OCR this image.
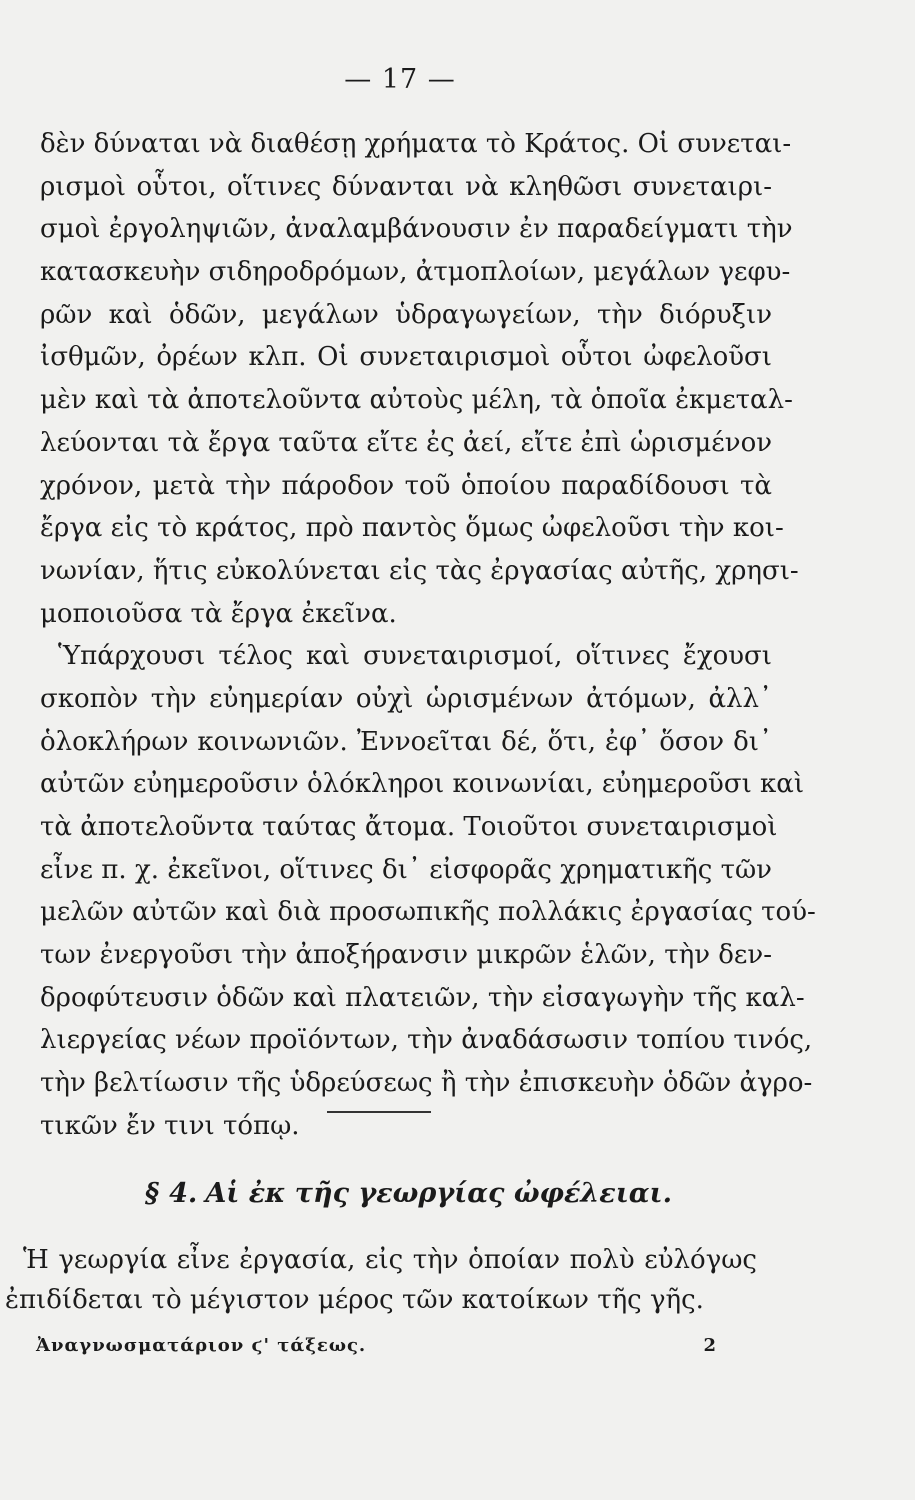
— 17 —
δὲν δύναται νὰ διαθέσῃ χρήματα τὸ Κράτος. Οἱ συνεται-
ρισμοὶ οὗτοι, οἵτινες δύνανται νὰ κληθῶσι συνεταιρι-
σμοὶ ἐργοληψιῶν, ἀναλαμβάνουσιν ἐν παραδείγματι τὴν
κατασκευὴν σιδηροδρόμων, ἀτμοπλοίων, μεγάλων γεφυ-
ρῶν καὶ ὁδῶν, μεγάλων ὑδραγωγείων, τὴν διόρυξιν
ἰσθμῶν, ὀρέων κλπ. Οἱ συνεταιρισμοὶ οὗτοι ὠφελοῦσι
μὲν καὶ τὰ ἀποτελοῦντα αὐτοὺς μέλη, τὰ ὁποῖα ἐκμεταλ-
λεύονται τὰ ἔργα ταῦτα εἴτε ἐς ἀεί, εἴτε ἐπὶ ὡρισμένον
χρόνον, μετὰ τὴν πάροδον τοῦ ὁποίου παραδίδουσι τὰ
ἔργα εἰς τὸ κράτος, πρὸ παντὸς ὅμως ὠφελοῦσι τὴν κοι-
νωνίαν, ἥτις εὐκολύνεται εἰς τὰς ἐργασίας αὐτῆς, χρησι-
μοποιοῦσα τὰ ἔργα ἐκεῖνα.
Ὑπάρχουσι τέλος καὶ συνεταιρισμοί, οἵτινες ἔχουσι
σκοπὸν τὴν εὐημερίαν οὐχὶ ὡρισμένων ἀτόμων, ἀλλ᾽
ὁλοκλήρων κοινωνιῶν. Ἐννοεῖται δέ, ὅτι, ἐφ᾽ ὅσον δι᾽
αὐτῶν εὐημεροῦσιν ὁλόκληροι κοινωνίαι, εὐημεροῦσι καὶ
τὰ ἀποτελοῦντα ταύτας ἄτομα. Τοιοῦτοι συνεταιρισμοὶ
εἶνε π. χ. ἐκεῖνοι, οἵτινες δι᾽ εἰσφορᾶς χρηματικῆς τῶν
μελῶν αὐτῶν καὶ διὰ προσωπικῆς πολλάκις ἐργασίας τού-
των ἐνεργοῦσι τὴν ἀποξήρανσιν μικρῶν ἑλῶν, τὴν δεν-
δροφύτευσιν ὁδῶν καὶ πλατειῶν, τὴν εἰσαγωγὴν τῆς καλ-
λιεργείας νέων προϊόντων, τὴν ἀναδάσωσιν τοπίου τινός,
τὴν βελτίωσιν τῆς ὑδρεύσεως ἢ τὴν ἐπισκευὴν ὁδῶν ἀγρο-
τικῶν ἔν τινι τόπῳ.
§ 4. Αἱ ἐκ τῆς γεωργίας ὠφέλειαι.
Ἡ γεωργία εἶνε ἐργασία, εἰς τὴν ὁποίαν πολὺ εὐλόγως
ἐπιδίδεται τὸ μέγιστον μέρος τῶν κατοίκων τῆς γῆς.
Ἀναγνωσματάριον ϛ' τάξεως.	2
